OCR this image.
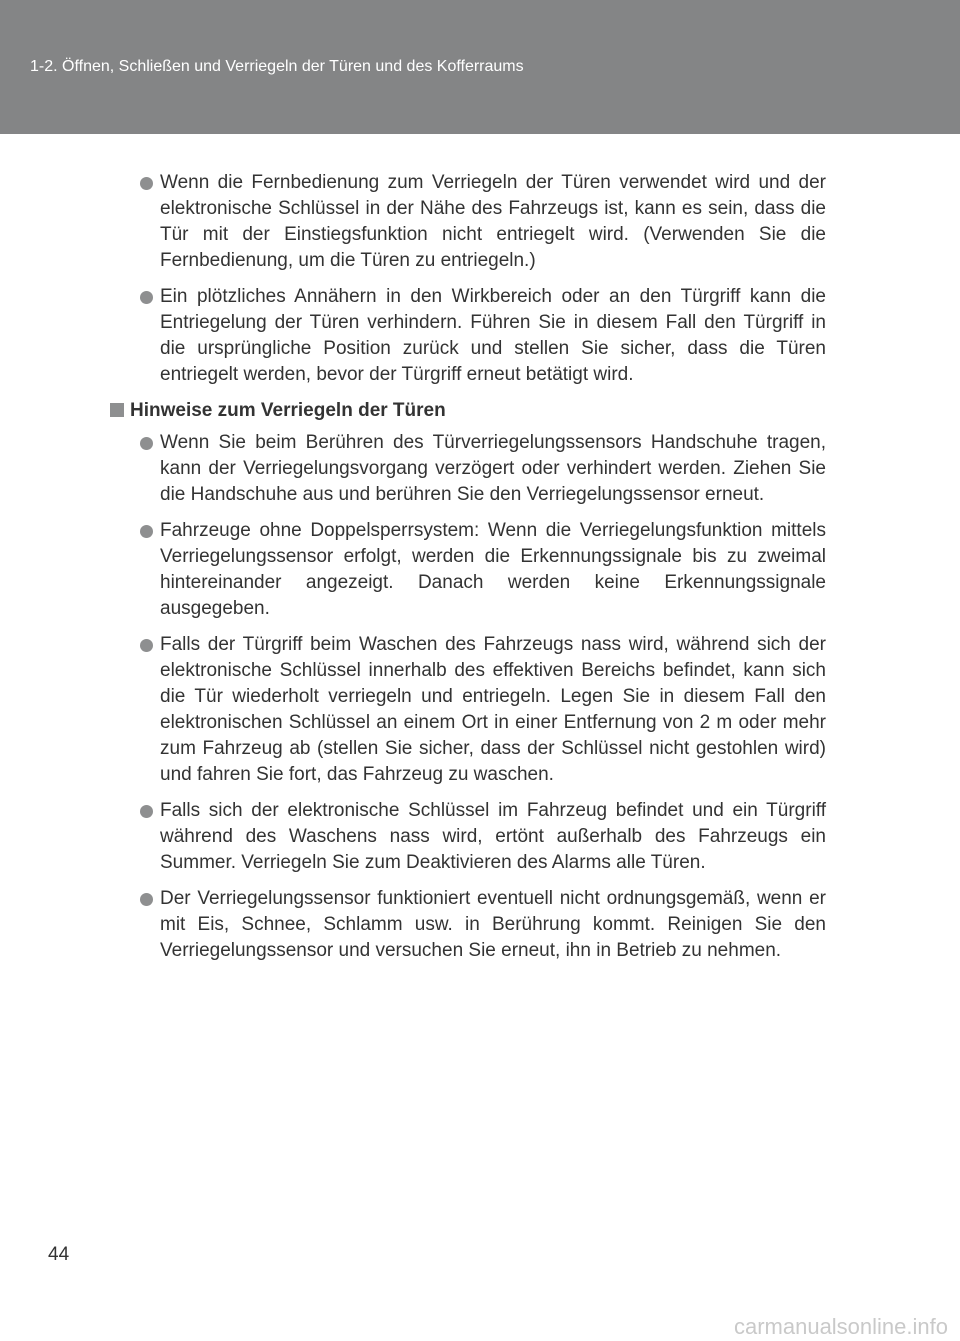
1-2. Öffnen, Schließen und Verriegeln der Türen und des Kofferraums
Wenn die Fernbedienung zum Verriegeln der Türen verwendet wird und der elektronische Schlüssel in der Nähe des Fahrzeugs ist, kann es sein, dass die Tür mit der Einstiegsfunktion nicht entriegelt wird. (Verwenden Sie die Fernbedienung, um die Türen zu entriegeln.)
Ein plötzliches Annähern in den Wirkbereich oder an den Türgriff kann die Entriegelung der Türen verhindern. Führen Sie in diesem Fall den Türgriff in die ursprüngliche Position zurück und stellen Sie sicher, dass die Türen entriegelt werden, bevor der Türgriff erneut betätigt wird.
Hinweise zum Verriegeln der Türen
Wenn Sie beim Berühren des Türverriegelungssensors Handschuhe tragen, kann der Verriegelungsvorgang verzögert oder verhindert werden. Ziehen Sie die Handschuhe aus und berühren Sie den Verriegelungssensor erneut.
Fahrzeuge ohne Doppelsperrsystem: Wenn die Verriegelungsfunktion mittels Verriegelungssensor erfolgt, werden die Erkennungssignale bis zu zweimal hintereinander angezeigt. Danach werden keine Erkennungssignale ausgegeben.
Falls der Türgriff beim Waschen des Fahrzeugs nass wird, während sich der elektronische Schlüssel innerhalb des effektiven Bereichs befindet, kann sich die Tür wiederholt verriegeln und entriegeln. Legen Sie in diesem Fall den elektronischen Schlüssel an einem Ort in einer Entfernung von 2 m oder mehr zum Fahrzeug ab (stellen Sie sicher, dass der Schlüssel nicht gestohlen wird) und fahren Sie fort, das Fahrzeug zu waschen.
Falls sich der elektronische Schlüssel im Fahrzeug befindet und ein Türgriff während des Waschens nass wird, ertönt außerhalb des Fahrzeugs ein Summer. Verriegeln Sie zum Deaktivieren des Alarms alle Türen.
Der Verriegelungssensor funktioniert eventuell nicht ordnungsgemäß, wenn er mit Eis, Schnee, Schlamm usw. in Berührung kommt. Reinigen Sie den Verriegelungssensor und versuchen Sie erneut, ihn in Betrieb zu nehmen.
44
carmanualsonline.info
